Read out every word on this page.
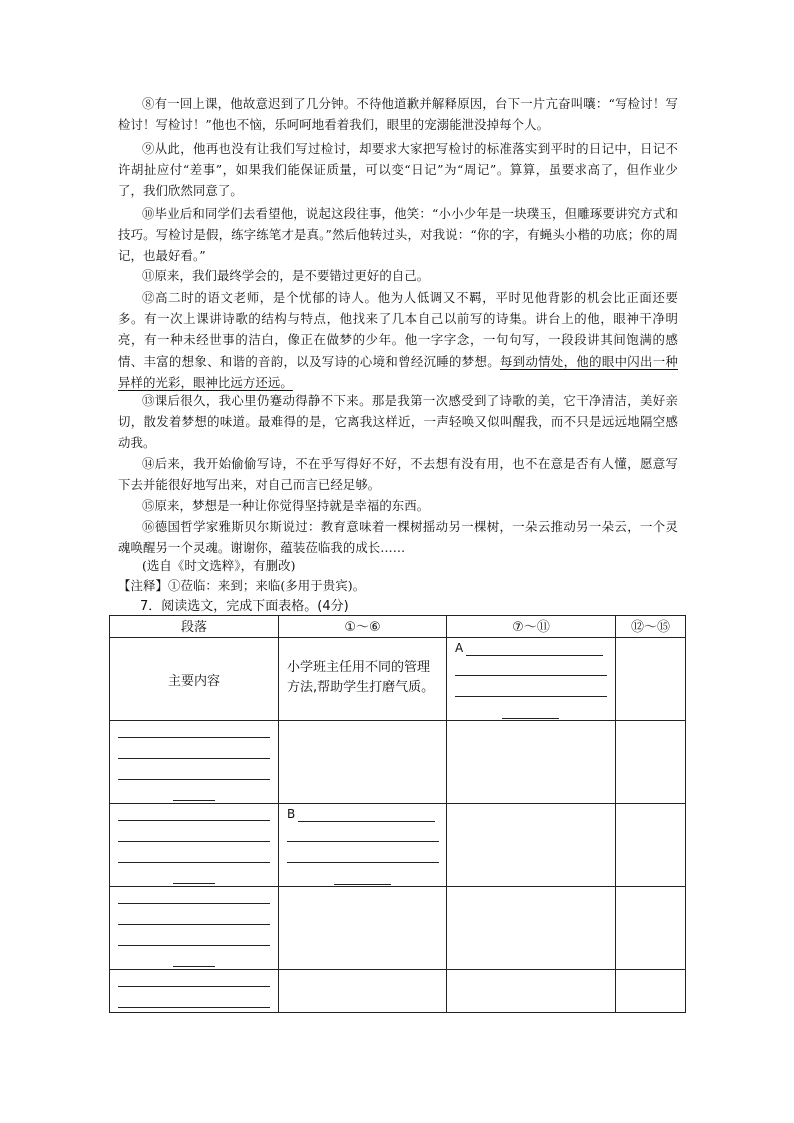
⑧有一回上课，他故意迟到了几分钟。不待他道歉并解释原因，台下一片亢奋叫嚷：“写检讨！写检讨！写检讨！”他也不恼，乐呵呵地看着我们，眼里的宠溺能泄没掉每个人。

⑨从此，他再也没有让我们写过检讨，却要求大家把写检讨的标准落实到平时的日记中，日记不许胡扯应付“差事”，如果我们能保证质量，可以变“日记”为“周记”。算算，虽要求高了，但作业少了，我们欣然同意了。

⑩毕业后和同学们去看望他，说起这段往事，他笑：“小小少年是一块璞玉，但雕琢要讲究方式和技巧。写检讨是假，练字练笔才是真。”然后他转过头，对我说：“你的字，有蝇头小楷的功底；你的周记，也最好看。”

⑪原来，我们最终学会的，是不要错过更好的自己。

⑫高二时的语文老师，是个忧郁的诗人。他为人低调又不羁，平时见他背影的机会比正面还要多。有一次上课讲诗歌的结构与特点，他找来了几本自己以前写的诗集。讲台上的他，眼神干净明亮，有一种未经世事的洁白，像正在做梦的少年。他一字字念，一句句写，一段段讲其间饱满的感情、丰富的想象、和谐的音韵，以及写诗的心境和曾经沉睡的梦想。每到动情处，他的眼中闪出一种异样的光彩，眼神比远方还远。

⑬课后很久，我心里仍蹇动得静不下来。那是我第一次感受到了诗歌的美，它干净清洁，美好亲切，散发着梦想的味道。最难得的是，它离我这样近，一声轻唤又似叫醒我，而不只是远远地隔空感动我。

⑭后来，我开始偷偷写诗，不在乎写得好不好，不去想有没有用，也不在意是否有人懂，愿意写下去并能很好地写出来，对自己而言已经足够。

⑮原来，梦想是一种让你觉得坚持就是幸福的东西。

⑯德国哲学家雅斯贝尔斯说过：教育意味着一棵树摇动另一棵树，一朵云推动另一朵云，一个灵魂唤醒另一个灵魂。谢谢你，蕴装莅临我的成长……

(选自《时文选粹》，有删改)

【注释】①莅临：来到；来临(多用于贵宾)。

7．阅读选文，完成下面表格。(4分)
段落	①～⑥	⑦～⑪	⑫～⑮

主要内容	小学班主任用不同的管理方法,帮助学生打磨气质。	A	

	B		
